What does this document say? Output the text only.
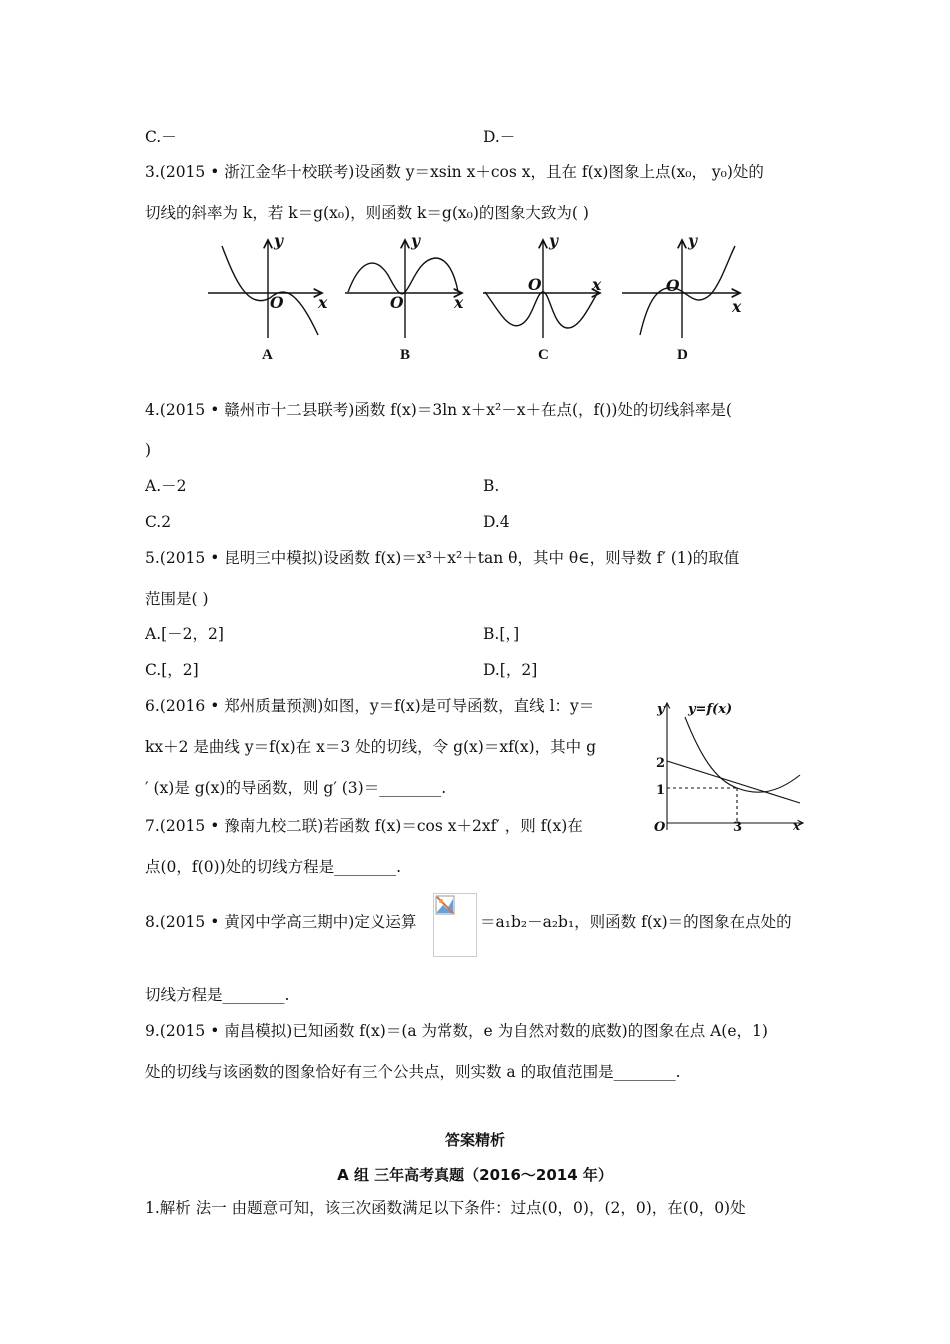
C.－	D.－
3.(2015 • 浙江金华十校联考)设函数 y＝xsin x＋cos x，且在 f(x)图象上点(x₀， y₀)处的
切线的斜率为 k，若 k＝g(x₀)，则函数 k＝g(x₀)的图象大致为( )
y
x
O
y
x
O
y
x
O
y
x
O
A	B	C	D
4.(2015 • 赣州市十二县联考)函数 f(x)＝3ln x＋x²－x＋在点(，f())处的切线斜率是(
)
A.－2	B.
C.2	D.4
5.(2015 • 昆明三中模拟)设函数 f(x)＝x³＋x²＋tan θ，其中 θ∈，则导数 f′ (1)的取值
范围是( )
A.[－2，2]	B.[，]
C.[，2]	D.[，2]
6.(2016 • 郑州质量预测)如图，y＝f(x)是可导函数，直线 l：y＝
kx＋2 是曲线 y＝f(x)在 x＝3 处的切线，令 g(x)＝xf(x)，其中 g
′ (x)是 g(x)的导函数，则 g′ (3)＝________.
y y=f(x)
2
1
O	3	x
7.(2015 • 豫南九校二联)若函数 f(x)＝cos x＋2xf′ ，则 f(x)在
点(0，f(0))处的切线方程是________.
8.(2015 • 黄冈中学高三期中)定义运算	＝a₁b₂－a₂b₁，则函数 f(x)＝的图象在点处的
切线方程是________.
9.(2015 • 南昌模拟)已知函数 f(x)＝(a 为常数，e 为自然对数的底数)的图象在点 A(e，1)
处的切线与该函数的图象恰好有三个公共点，则实数 a 的取值范围是________.
答案精析
A 组 三年高考真题（2016～2014 年）
1.解析 法一 由题意可知，该三次函数满足以下条件：过点(0，0)，(2，0)，在(0，0)处
